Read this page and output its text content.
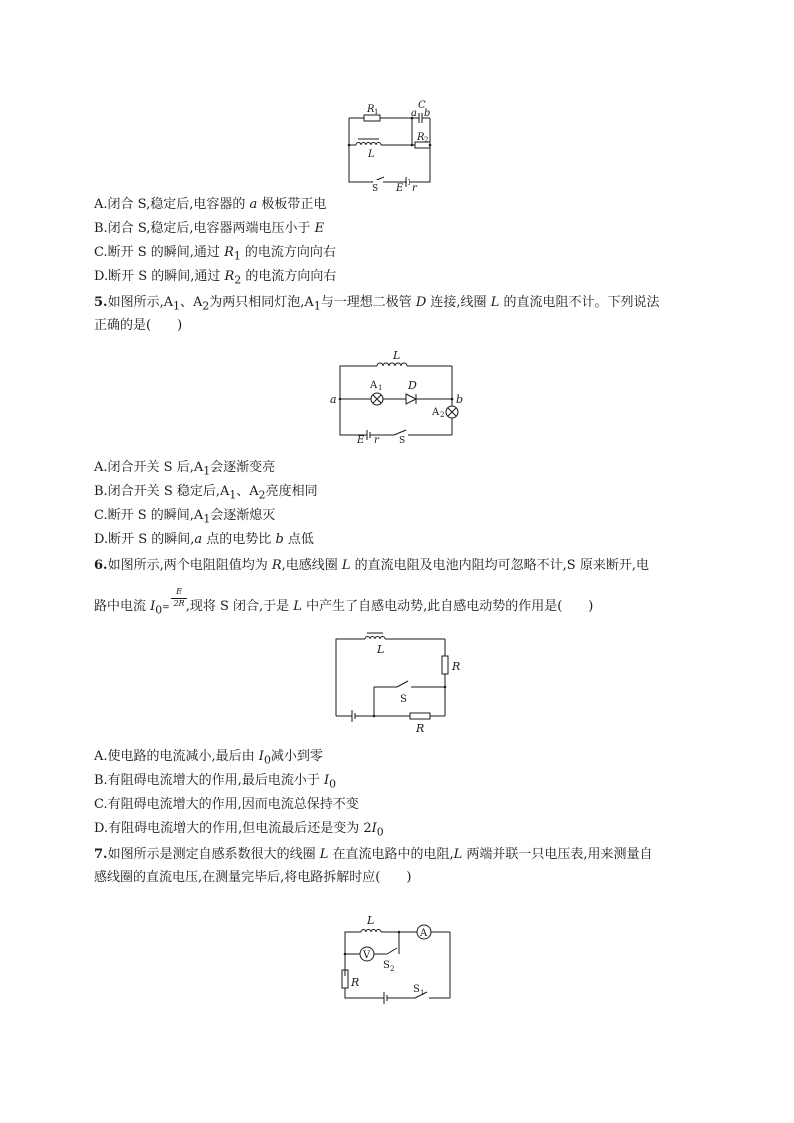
R 1
C
a b
R 2
L
S E r
A.闭合 S,稳定后,电容器的 a 极板带正电
B.闭合 S,稳定后,电容器两端电压小于 E
C.断开 S 的瞬间,通过 $R_1$ 的电流方向向右
D.断开 S 的瞬间,通过 $R_2$ 的电流方向向右
5.如图所示$,A_1$、$A_2$为两只相同灯泡$,A_1$与一理想二极管 D 连接,线圈 L 的直流电阻不计。下列说法
正确的是(　　)
L
A 1 D
a	b
A 2
E r S
A.闭合开关 S 后$,A_1$会逐渐变亮
B.闭合开关 S 稳定后$,A_1$、$A_2$亮度相同
C.断开 S 的瞬间$,A_1$会逐渐熄灭
D.断开 S 的瞬间,a 点的电势比 b 点低
6.如图所示,两个电阻阻值均为 R,电感线圈 L 的直流电阻及电池内阻均可忽略不计,S 原来断开,电
路中电流 $I_0=$ ,现将 S 闭合,于是 L 中产生了自感电动势,此自感电动势的作用是(　　)
E
2R
L
R
S
R
A.使电路的电流减小,最后由 $I_0$减小到零
B.有阻碍电流增大的作用,最后电流小于 $I_0$
C.有阻碍电流增大的作用,因而电流总保持不变
D.有阻碍电流增大的作用,但电流最后还是变为 $2I_0$
7.如图所示是测定自感系数很大的线圈 L 在直流电路中的电阻,L 两端并联一只电压表,用来测量自
感线圈的直流电压,在测量完毕后,将电路拆解时应(　　)
L
A
V
S 2
R
S 1
